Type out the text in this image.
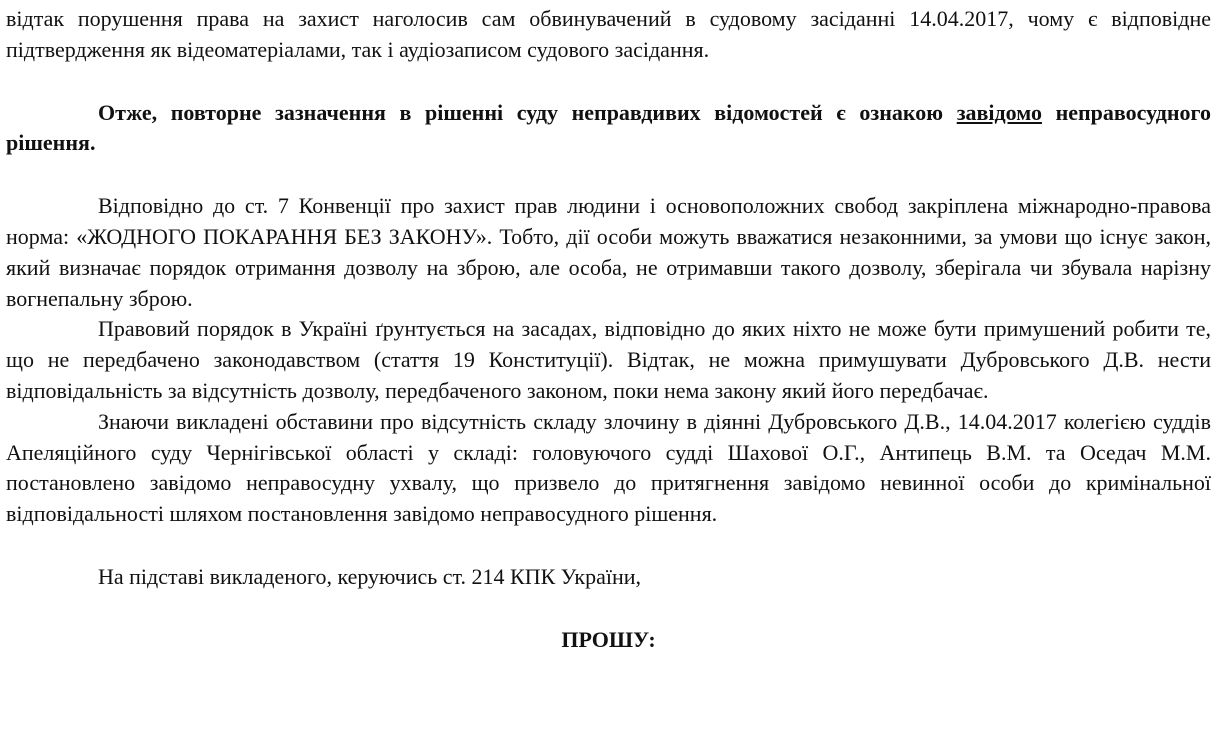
відтак порушення права на захист наголосив сам обвинувачений в судовому засіданні 14.04.2017, чому є відповідне підтвердження як відеоматеріалами, так і аудіозаписом судового засідання.

Отже, повторне зазначення в рішенні суду неправдивих відомостей є ознакою завідомо неправосудного рішення.

Відповідно до ст. 7 Конвенції про захист прав людини і основоположних свобод закріплена міжнародно-правова норма: «ЖОДНОГО ПОКАРАННЯ БЕЗ ЗАКОНУ». Тобто, дії особи можуть вважатися незаконними, за умови що існує закон, який визначає порядок отримання дозволу на зброю, але особа, не отримавши такого дозволу, зберігала чи збувала нарізну вогнепальну зброю.

Правовий порядок в Україні ґрунтується на засадах, відповідно до яких ніхто не може бути примушений робити те, що не передбачено законодавством (стаття 19 Конституції). Відтак, не можна примушувати Дубровського Д.В. нести відповідальність за відсутність дозволу, передбаченого законом, поки нема закону який його передбачає.

Знаючи викладені обставини про відсутність складу злочину в діянні Дубровського Д.В., 14.04.2017 колегією суддів Апеляційного суду Чернігівської області у складі: головуючого судді Шахової О.Г., Антипець В.М. та Оседач М.М. постановлено завідомо неправосудну ухвалу, що призвело до притягнення завідомо невинної особи до кримінальної відповідальності шляхом постановлення завідомо неправосудного рішення.

На підставі викладеного, керуючись ст. 214 КПК України,

ПРОШУ:
